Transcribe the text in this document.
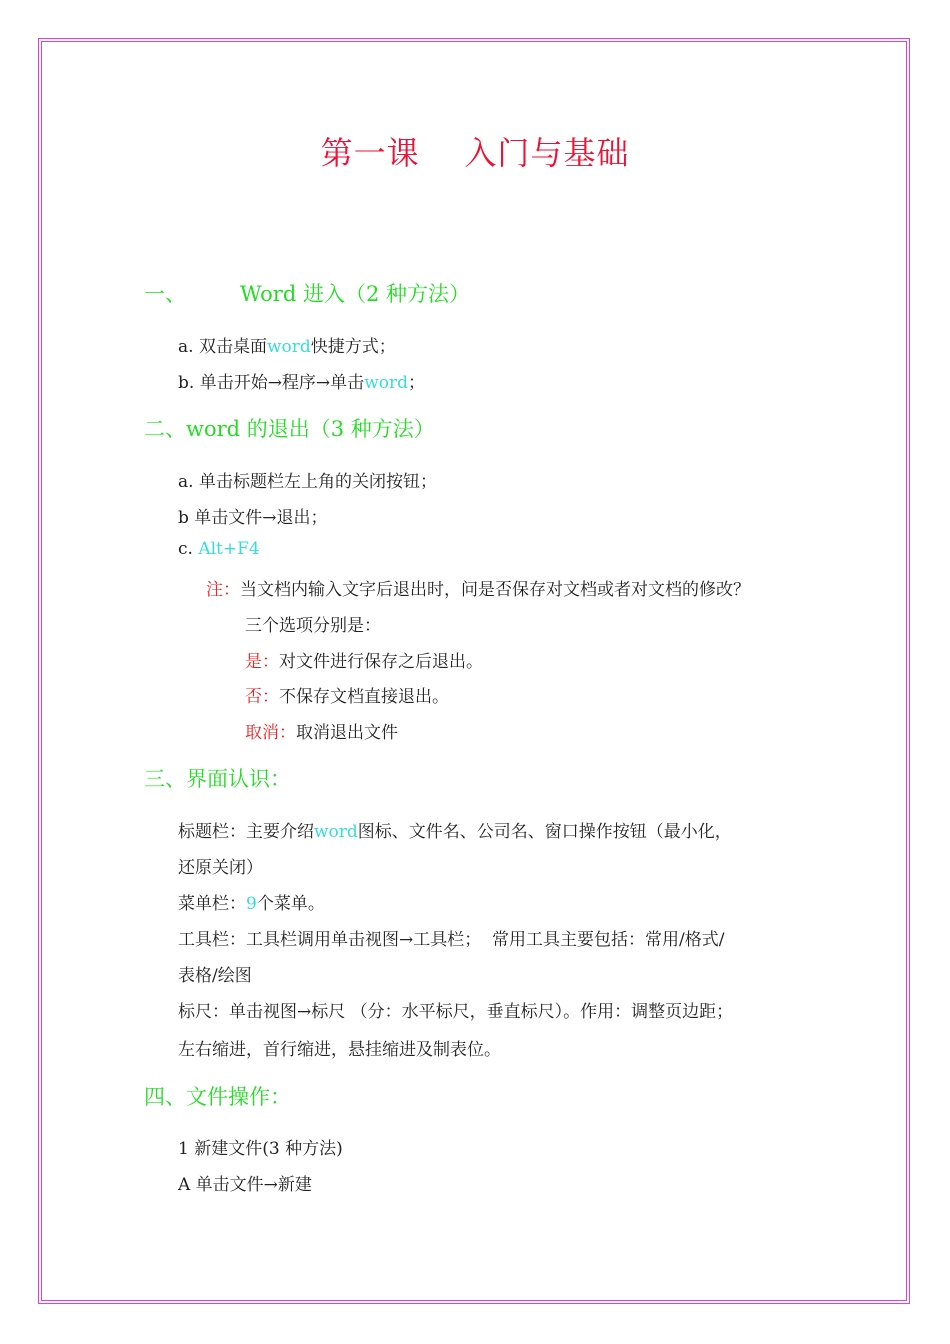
第一课    入门与基础
一、	Word 进入（2 种方法）
a. 双击桌面word快捷方式；
b. 单击开始→程序→单击word；
二、word 的退出（3 种方法）
a. 单击标题栏左上角的关闭按钮；
b 单击文件→退出；
c. Alt+F4
注：当文档内输入文字后退出时，问是否保存对文档或者对文档的修改？
三个选项分别是：
是：对文件进行保存之后退出。
否：不保存文档直接退出。
取消：取消退出文件
三、界面认识：
标题栏：主要介绍word图标、文件名、公司名、窗口操作按钮（最小化，
还原关闭）
菜单栏：9个菜单。
工具栏：工具栏调用单击视图→工具栏；  常用工具主要包括：常用/格式/
表格/绘图
标尺：单击视图→标尺 （分：水平标尺，垂直标尺）。作用：调整页边距；
左右缩进，首行缩进，悬挂缩进及制表位。
四、文件操作：
1 新建文件(3 种方法)
A 单击文件→新建
